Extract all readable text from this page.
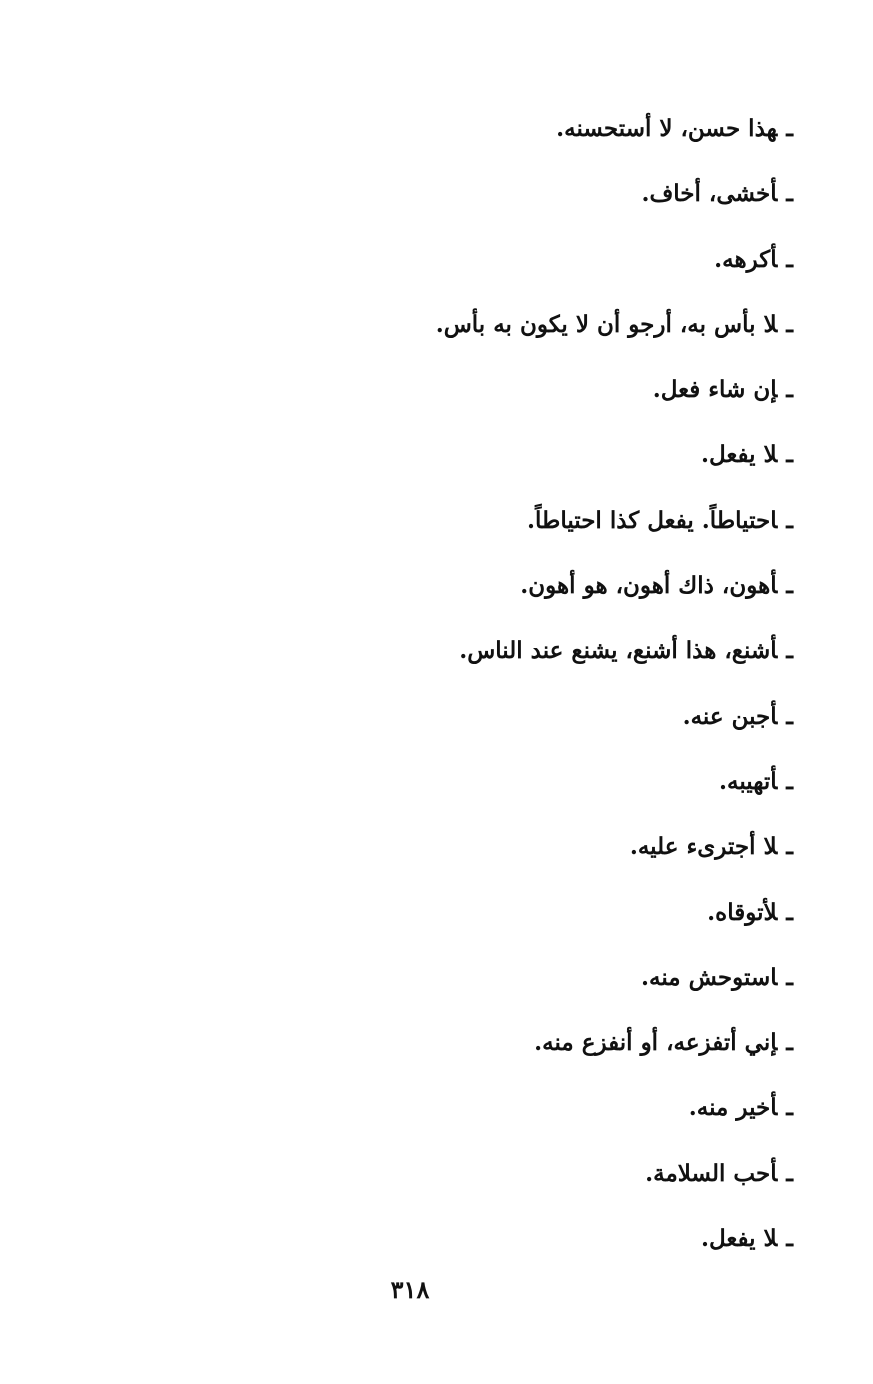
ـهذا حسن، لا أستحسنه.
ـأخشى، أخاف.
ـأكرهه.
ـلا بأس به، أرجو أن لا يكون به بأس.
ـإن شاء فعل.
ـلا يفعل.
ـاحتياطاً. يفعل كذا احتياطاً.
ـأهون، ذاك أهون، هو أهون.
ـأشنع، هذا أشنع، يشنع عند الناس.
ـأجبن عنه.
ـأتهيبه.
ـلا أجترىء عليه.
ـلأتوقاه.
ـاستوحش منه.
ـإني أتفزعه، أو أنفزع منه.
ـأخير منه.
ـأحب السلامة.
ـلا يفعل.
٣١٨
